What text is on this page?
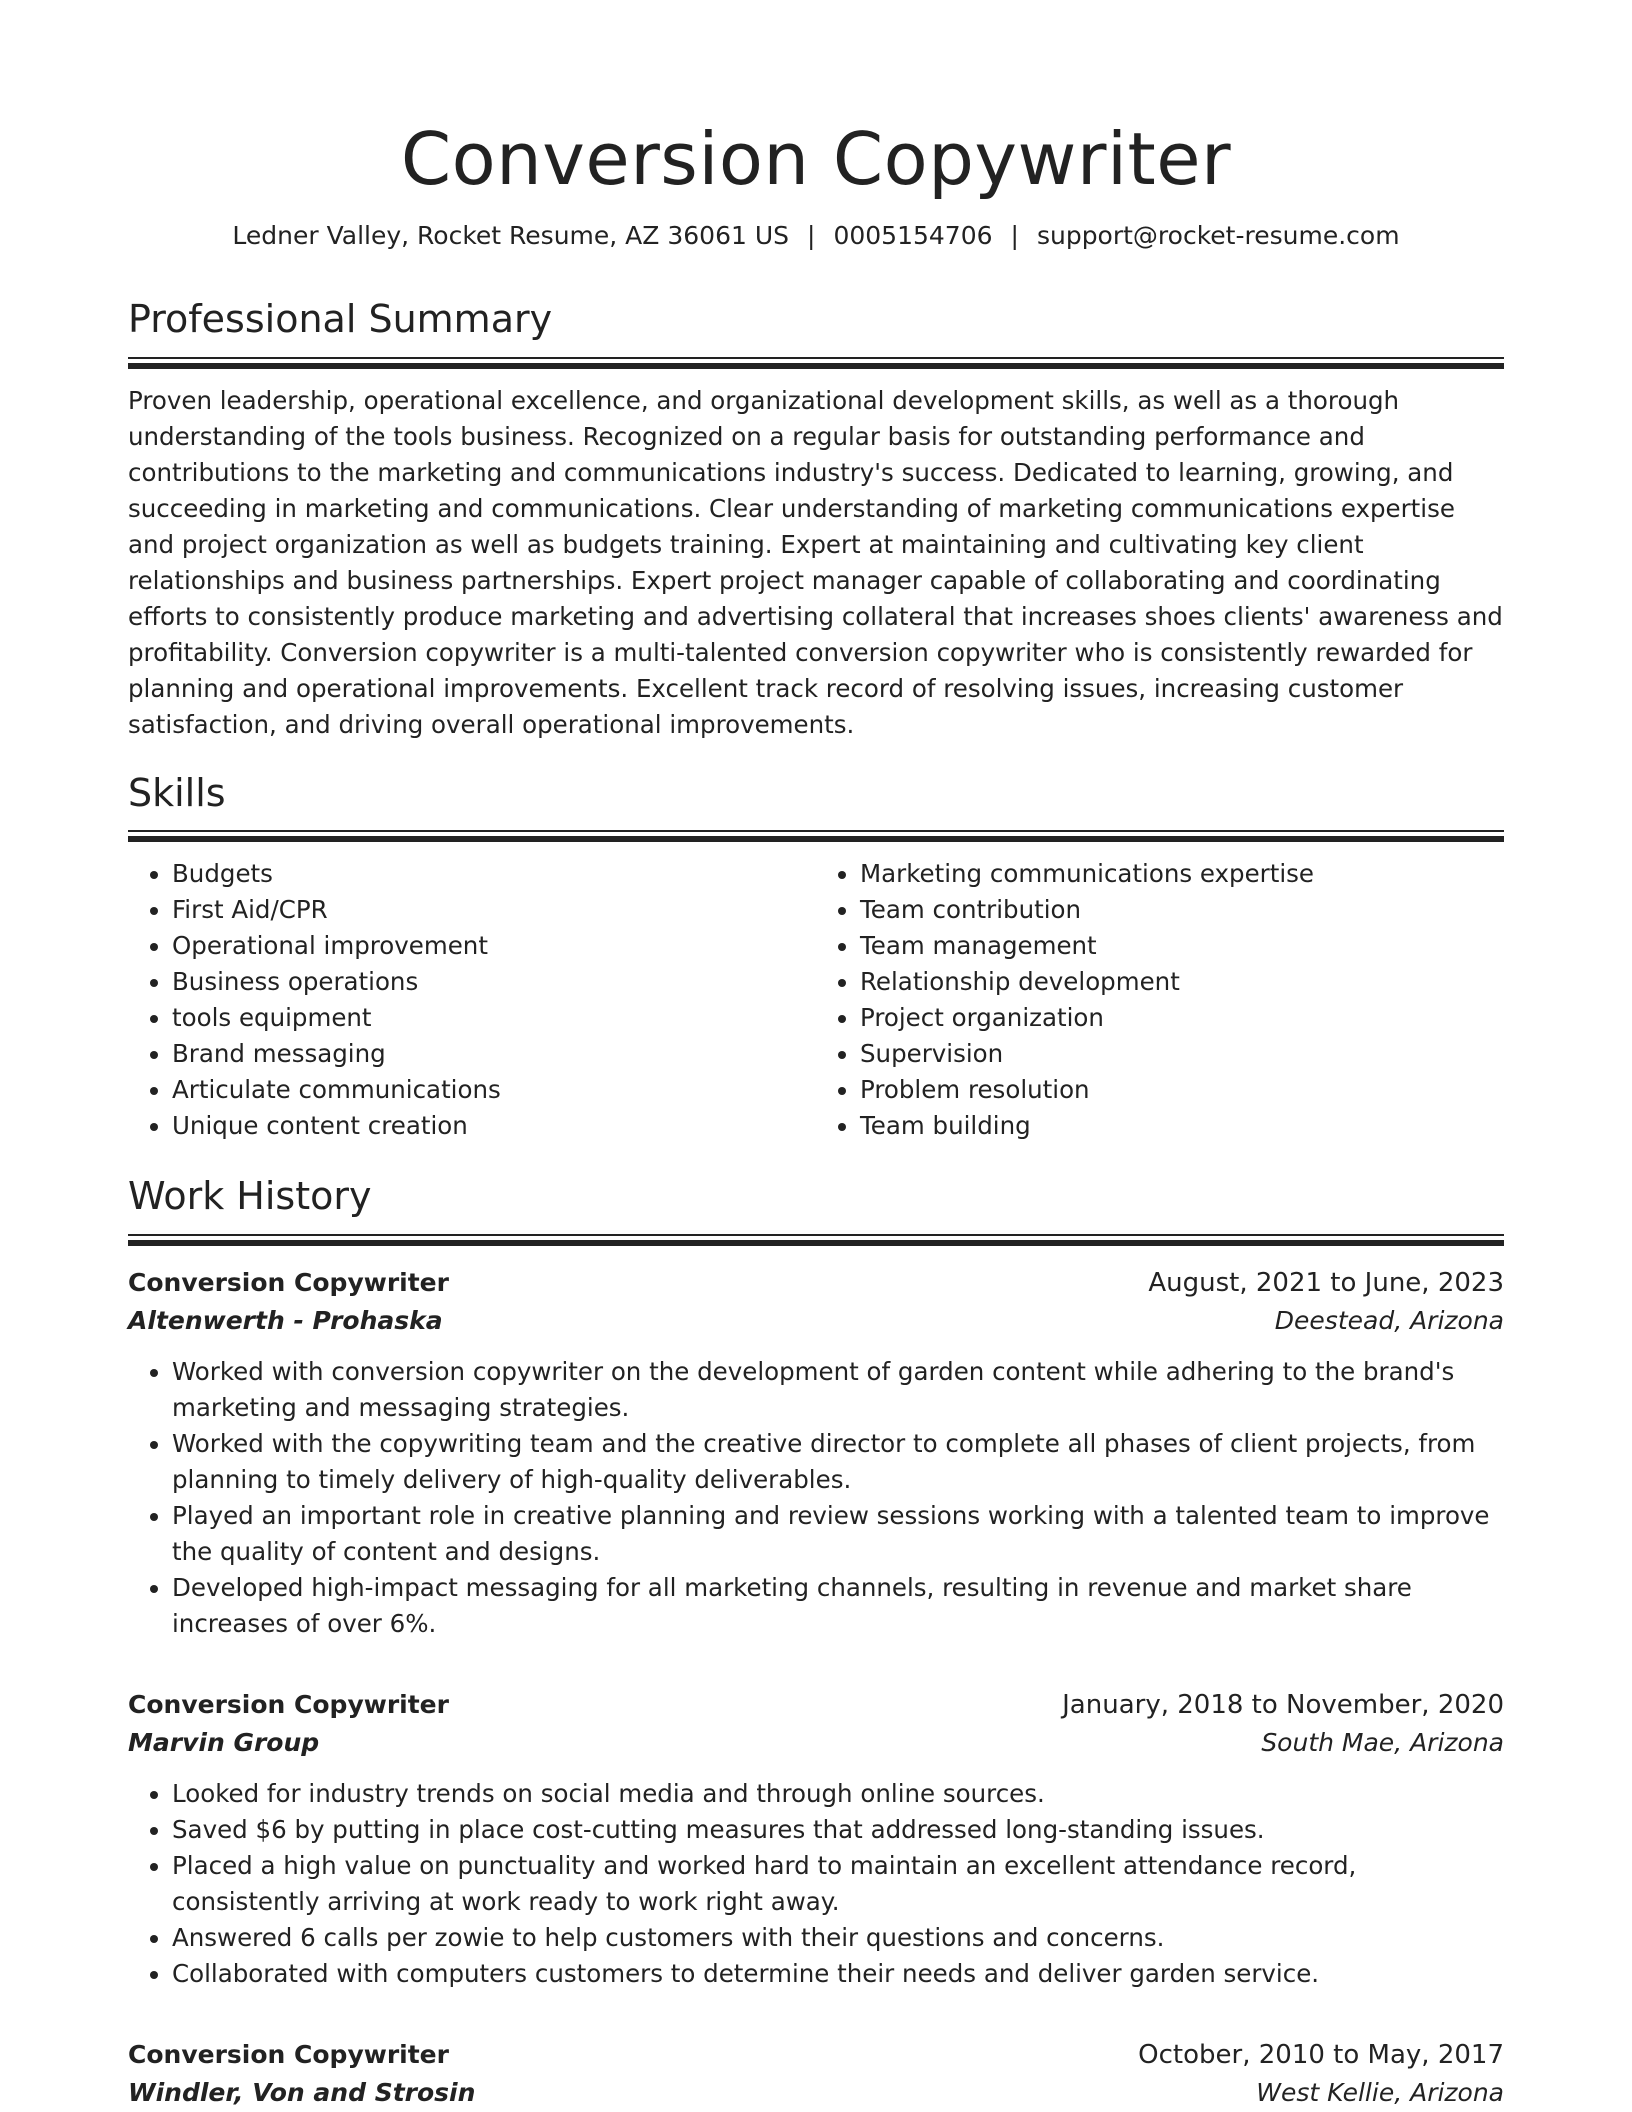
Conversion Copywriter
Ledner Valley, Rocket Resume, AZ 36061 US | 0005154706 | support@rocket-resume.com
Professional Summary

Proven leadership, operational excellence, and organizational development skills, as well as a thorough understanding of the tools business. Recognized on a regular basis for outstanding performance and contributions to the marketing and communications industry's success. Dedicated to learning, growing, and succeeding in marketing and communications. Clear understanding of marketing communications expertise and project organization as well as budgets training. Expert at maintaining and cultivating key client relationships and business partnerships. Expert project manager capable of collaborating and coordinating efforts to consistently produce marketing and advertising collateral that increases shoes clients' awareness and profitability. Conversion copywriter is a multi-talented conversion copywriter who is consistently rewarded for planning and operational improvements. Excellent track record of resolving issues, increasing customer satisfaction, and driving overall operational improvements.

Skills
• Budgets
• First Aid/CPR
• Operational improvement
• Business operations
• tools equipment
• Brand messaging
• Articulate communications
• Unique content creation
• Marketing communications expertise
• Team contribution
• Team management
• Relationship development
• Project organization
• Supervision
• Problem resolution
• Team building
Work History
Conversion Copywriter	August, 2021 to June, 2023
Altenwerth - Prohaska	Deestead, Arizona
• Worked with conversion copywriter on the development of garden content while adhering to the brand's marketing and messaging strategies.
• Worked with the copywriting team and the creative director to complete all phases of client projects, from planning to timely delivery of high-quality deliverables.
• Played an important role in creative planning and review sessions working with a talented team to improve the quality of content and designs.
• Developed high-impact messaging for all marketing channels, resulting in revenue and market share increases of over 6%.
Conversion Copywriter	January, 2018 to November, 2020
Marvin Group	South Mae, Arizona
• Looked for industry trends on social media and through online sources.
• Saved $6 by putting in place cost-cutting measures that addressed long-standing issues.
• Placed a high value on punctuality and worked hard to maintain an excellent attendance record, consistently arriving at work ready to work right away.
• Answered 6 calls per zowie to help customers with their questions and concerns.
• Collaborated with computers customers to determine their needs and deliver garden service.
Conversion Copywriter	October, 2010 to May, 2017
Windler, Von and Strosin	West Kellie, Arizona
